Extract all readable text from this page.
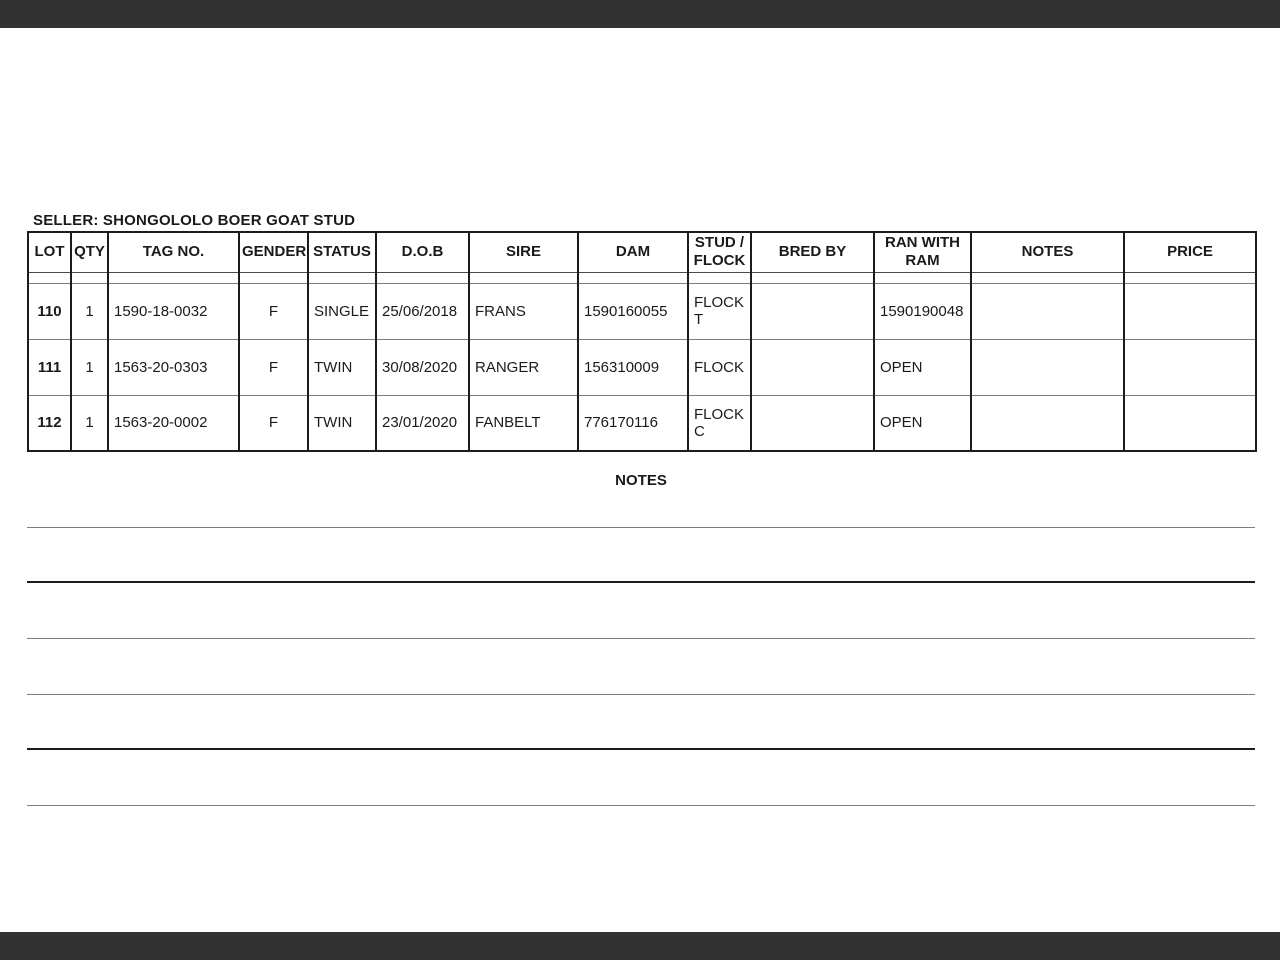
SELLER: SHONGOLOLO BOER GOAT STUD
LOT	QTY	TAG NO.	GENDER	STATUS	D.O.B	SIRE	DAM	STUD / FLOCK	BRED BY	RAN WITH RAM	NOTES	PRICE

110	1	1590-18-0032	F	SINGLE	25/06/2018	FRANS	1590160055	FLOCK T		1590190048		
111	1	1563-20-0303	F	TWIN	30/08/2020	RANGER	156310009	FLOCK		OPEN		
112	1	1563-20-0002	F	TWIN	23/01/2020	FANBELT	776170116	FLOCK C		OPEN		
NOTES
